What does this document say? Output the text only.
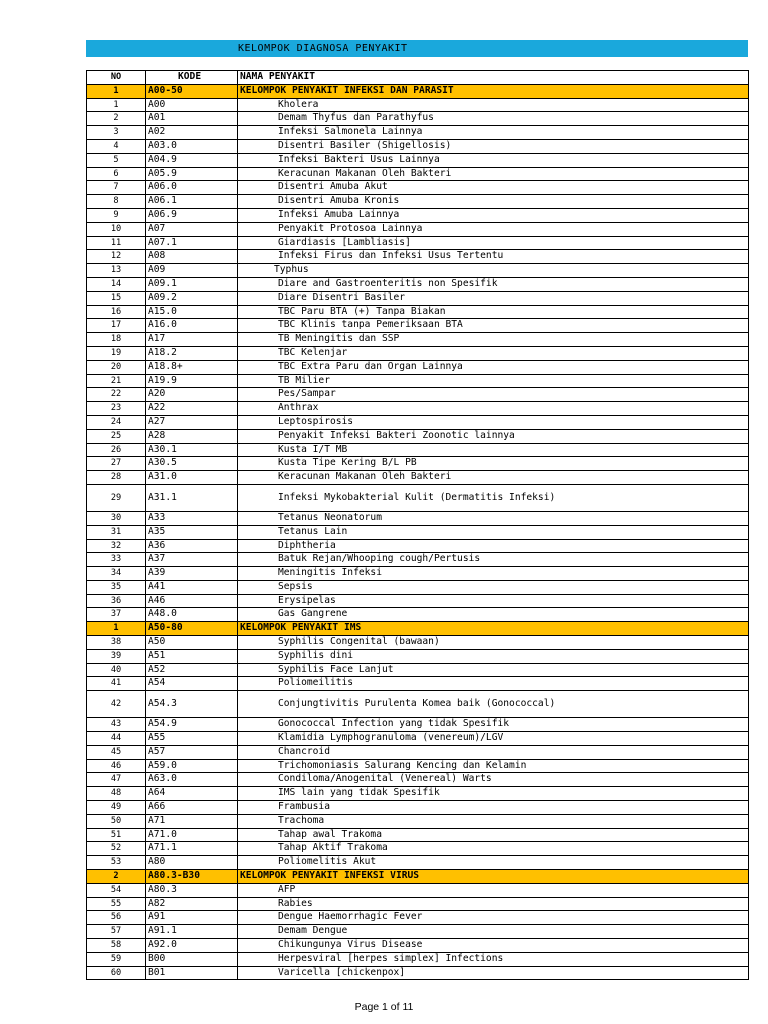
KELOMPOK DIAGNOSA PENYAKIT
NO	KODE	NAMA PENYAKIT
1	A00-50	KELOMPOK PENYAKIT INFEKSI DAN PARASIT
1	A00	Kholera
2	A01	Demam Thyfus dan Parathyfus
3	A02	Infeksi Salmonela Lainnya
4	A03.0	Disentri Basiler (Shigellosis)
5	A04.9	Infeksi Bakteri Usus Lainnya
6	A05.9	Keracunan Makanan Oleh Bakteri
7	A06.0	Disentri Amuba Akut
8	A06.1	Disentri Amuba Kronis
9	A06.9	Infeksi Amuba Lainnya
10	A07	Penyakit Protosoa Lainnya
11	A07.1	Giardiasis [Lambliasis]
12	A08	Infeksi Firus dan Infeksi Usus Tertentu
13	A09	Typhus
14	A09.1	Diare and Gastroenteritis non Spesifik
15	A09.2	Diare Disentri Basiler
16	A15.0	TBC Paru BTA (+) Tanpa Biakan
17	A16.0	TBC Klinis tanpa Pemeriksaan BTA
18	A17	TB Meningitis dan SSP
19	A18.2	TBC Kelenjar
20	A18.8+	TBC Extra Paru dan Organ Lainnya
21	A19.9	TB Milier
22	A20	Pes/Sampar
23	A22	Anthrax
24	A27	Leptospirosis
25	A28	Penyakit Infeksi Bakteri Zoonotic lainnya
26	A30.1	Kusta I/T MB
27	A30.5	Kusta Tipe Kering B/L PB
28	A31.0	Keracunan Makanan Oleh Bakteri
29	A31.1	Infeksi Mykobakterial Kulit (Dermatitis Infeksi)
30	A33	Tetanus Neonatorum
31	A35	Tetanus Lain
32	A36	Diphtheria
33	A37	Batuk Rejan/Whooping cough/Pertusis
34	A39	Meningitis Infeksi
35	A41	Sepsis
36	A46	Erysipelas
37	A48.0	Gas Gangrene
1	A50-80	KELOMPOK PENYAKIT IMS
38	A50	Syphilis Congenital (bawaan)
39	A51	Syphilis dini
40	A52	Syphilis Face Lanjut
41	A54	Poliomeilitis
42	A54.3	Conjungtivitis Purulenta Komea baik (Gonococcal)
43	A54.9	Gonococcal Infection yang tidak Spesifik
44	A55	Klamidia Lymphogranuloma (venereum)/LGV
45	A57	Chancroid
46	A59.0	Trichomoniasis Salurang Kencing dan Kelamin
47	A63.0	Condiloma/Anogenital (Venereal) Warts
48	A64	IMS lain yang tidak Spesifik
49	A66	Frambusia
50	A71	Trachoma
51	A71.0	Tahap awal Trakoma
52	A71.1	Tahap Aktif Trakoma
53	A80	Poliomelitis Akut
2	A80.3-B30	KELOMPOK PENYAKIT INFEKSI VIRUS
54	A80.3	AFP
55	A82	Rabies
56	A91	Dengue Haemorrhagic Fever
57	A91.1	Demam Dengue
58	A92.0	Chikungunya Virus Disease
59	B00	Herpesviral [herpes simplex] Infections
60	B01	Varicella [chickenpox]
Page 1 of 11
